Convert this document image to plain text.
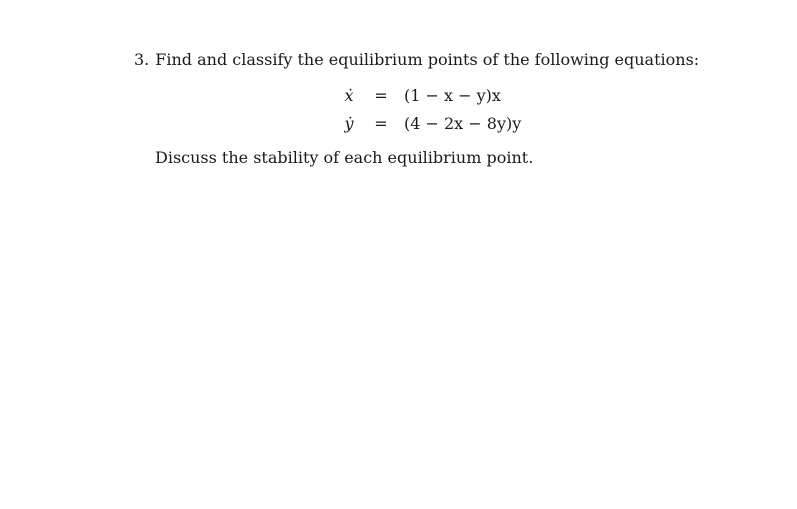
3. Find and classify the equilibrium points of the following equations:
ẋ	=	(1 − x − y)x
ẏ	=	(4 − 2x − 8y)y
Discuss the stability of each equilibrium point.
